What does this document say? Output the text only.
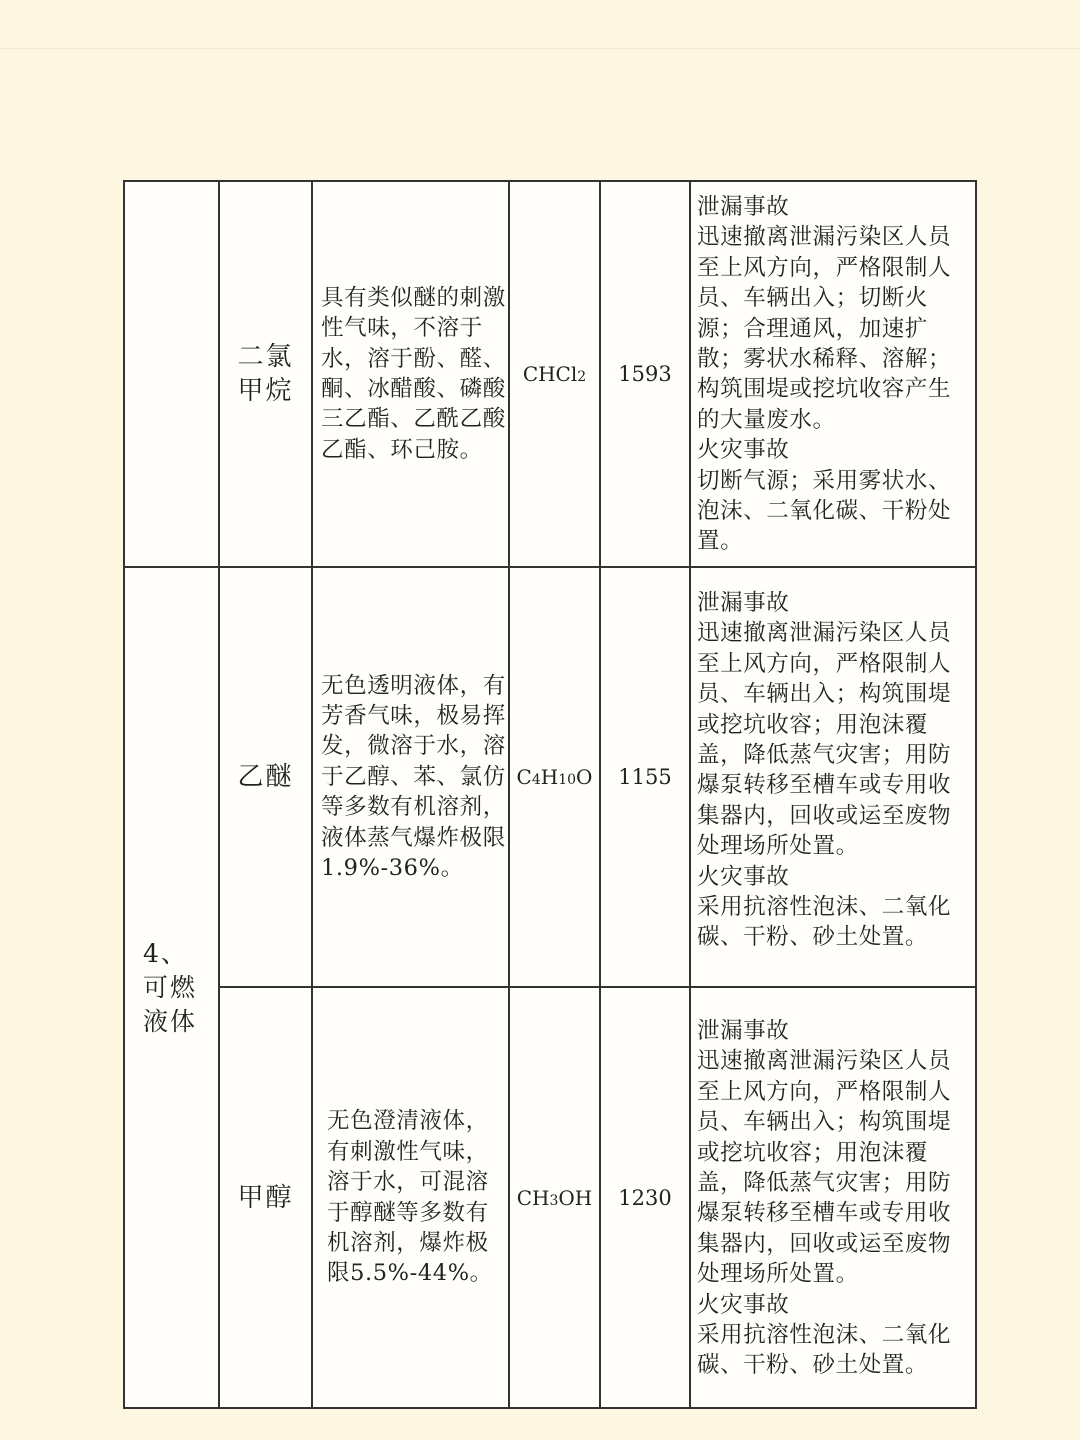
	二氯甲烷	具有类似醚的刺激性气味，不溶于水，溶于酚、醛、酮、冰醋酸、磷酸三乙酯、乙酰乙酸乙酯、环己胺。	CHCl2	1593	泄漏事故
迅速撤离泄漏污染区人员至上风方向，严格限制人员、车辆出入；切断火源；合理通风，加速扩散；雾状水稀释、溶解；构筑围堤或挖坑收容产生的大量废水。
火灾事故
切断气源；采用雾状水、泡沫、二氧化碳、干粉处置。

4、可燃液体	乙醚	无色透明液体，有芳香气味，极易挥发，微溶于水，溶于乙醇、苯、氯仿等多数有机溶剂，液体蒸气爆炸极限1.9%-36%。	C4H10O	1155	泄漏事故
迅速撤离泄漏污染区人员至上风方向，严格限制人员、车辆出入；构筑围堤或挖坑收容；用泡沫覆盖，降低蒸气灾害；用防爆泵转移至槽车或专用收集器内，回收或运至废物处理场所处置。
火灾事故
采用抗溶性泡沫、二氧化碳、干粉、砂土处置。

	甲醇	无色澄清液体，有刺激性气味，溶于水，可混溶于醇醚等多数有机溶剂，爆炸极限5.5%-44%。	CH3OH	1230	泄漏事故
迅速撤离泄漏污染区人员至上风方向，严格限制人员、车辆出入；构筑围堤或挖坑收容；用泡沫覆盖，降低蒸气灾害；用防爆泵转移至槽车或专用收集器内，回收或运至废物处理场所处置。
火灾事故
采用抗溶性泡沫、二氧化碳、干粉、砂土处置。
